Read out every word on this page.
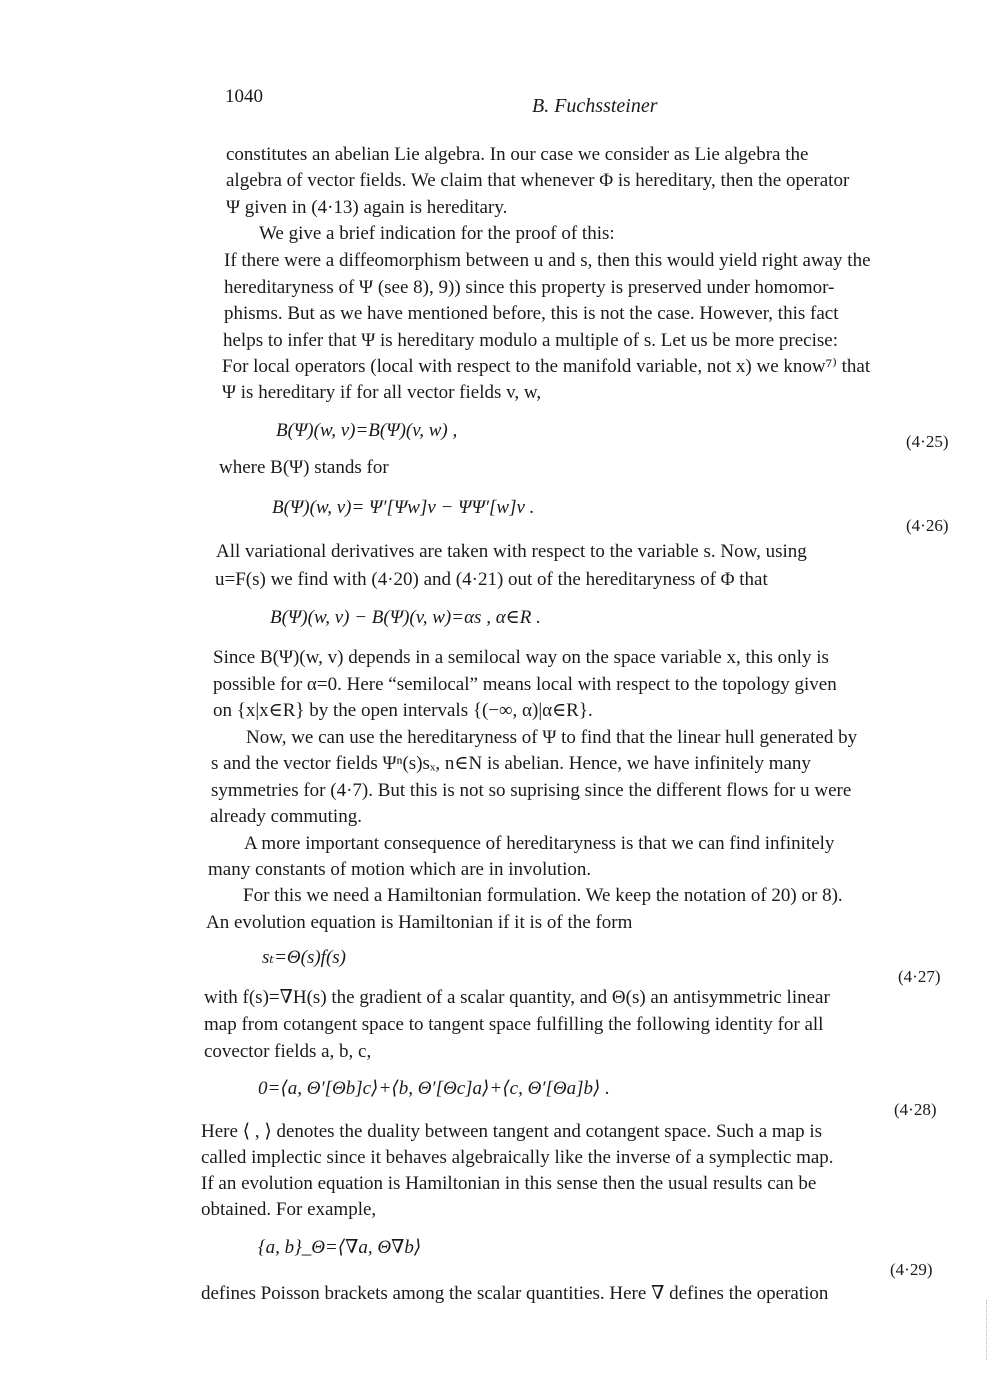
1040	B. Fuchssteiner
constitutes an abelian Lie algebra. In our case we consider as Lie algebra the
algebra of vector fields. We claim that whenever Φ is hereditary, then the operator
Ψ given in (4·13) again is hereditary.
We give a brief indication for the proof of this:
If there were a diffeomorphism between u and s, then this would yield right away the
hereditaryness of Ψ (see 8), 9)) since this property is preserved under homomor-
phisms. But as we have mentioned before, this is not the case. However, this fact
helps to infer that Ψ is hereditary modulo a multiple of s. Let us be more precise:
For local operators (local with respect to the manifold variable, not x) we know⁷⁾ that
Ψ is hereditary if for all vector fields v, w,
B(Ψ)(w, v)=B(Ψ)(v, w) ,
(4·25)
where B(Ψ) stands for
B(Ψ)(w, v)= Ψ′[Ψw]v − ΨΨ′[w]v .
(4·26)
All variational derivatives are taken with respect to the variable s. Now, using
u=F(s) we find with (4·20) and (4·21) out of the hereditaryness of Φ that
B(Ψ)(w, v) − B(Ψ)(v, w)=αs , α∈R .
Since B(Ψ)(w, v) depends in a semilocal way on the space variable x, this only is
possible for α=0. Here “semilocal” means local with respect to the topology given
on {x|x∈R} by the open intervals {(−∞, α)|α∈R}.
Now, we can use the hereditaryness of Ψ to find that the linear hull generated by
s and the vector fields Ψⁿ(s)sₓ, n∈N is abelian. Hence, we have infinitely many
symmetries for (4·7). But this is not so suprising since the different flows for u were
already commuting.
A more important consequence of hereditaryness is that we can find infinitely
many constants of motion which are in involution.
For this we need a Hamiltonian formulation. We keep the notation of 20) or 8).
An evolution equation is Hamiltonian if it is of the form
sₜ=Θ(s)f(s)
(4·27)
with f(s)=∇H(s) the gradient of a scalar quantity, and Θ(s) an antisymmetric linear
map from cotangent space to tangent space fulfilling the following identity for all
covector fields a, b, c,
0=⟨a, Θ′[Θb]c⟩+⟨b, Θ′[Θc]a⟩+⟨c, Θ′[Θa]b⟩ .
(4·28)
Here ⟨ , ⟩ denotes the duality between tangent and cotangent space. Such a map is
called implectic since it behaves algebraically like the inverse of a symplectic map.
If an evolution equation is Hamiltonian in this sense then the usual results can be
obtained. For example,
{a, b}_Θ=⟨∇a, Θ∇b⟩
(4·29)
defines Poisson brackets among the scalar quantities. Here ∇ defines the operation
